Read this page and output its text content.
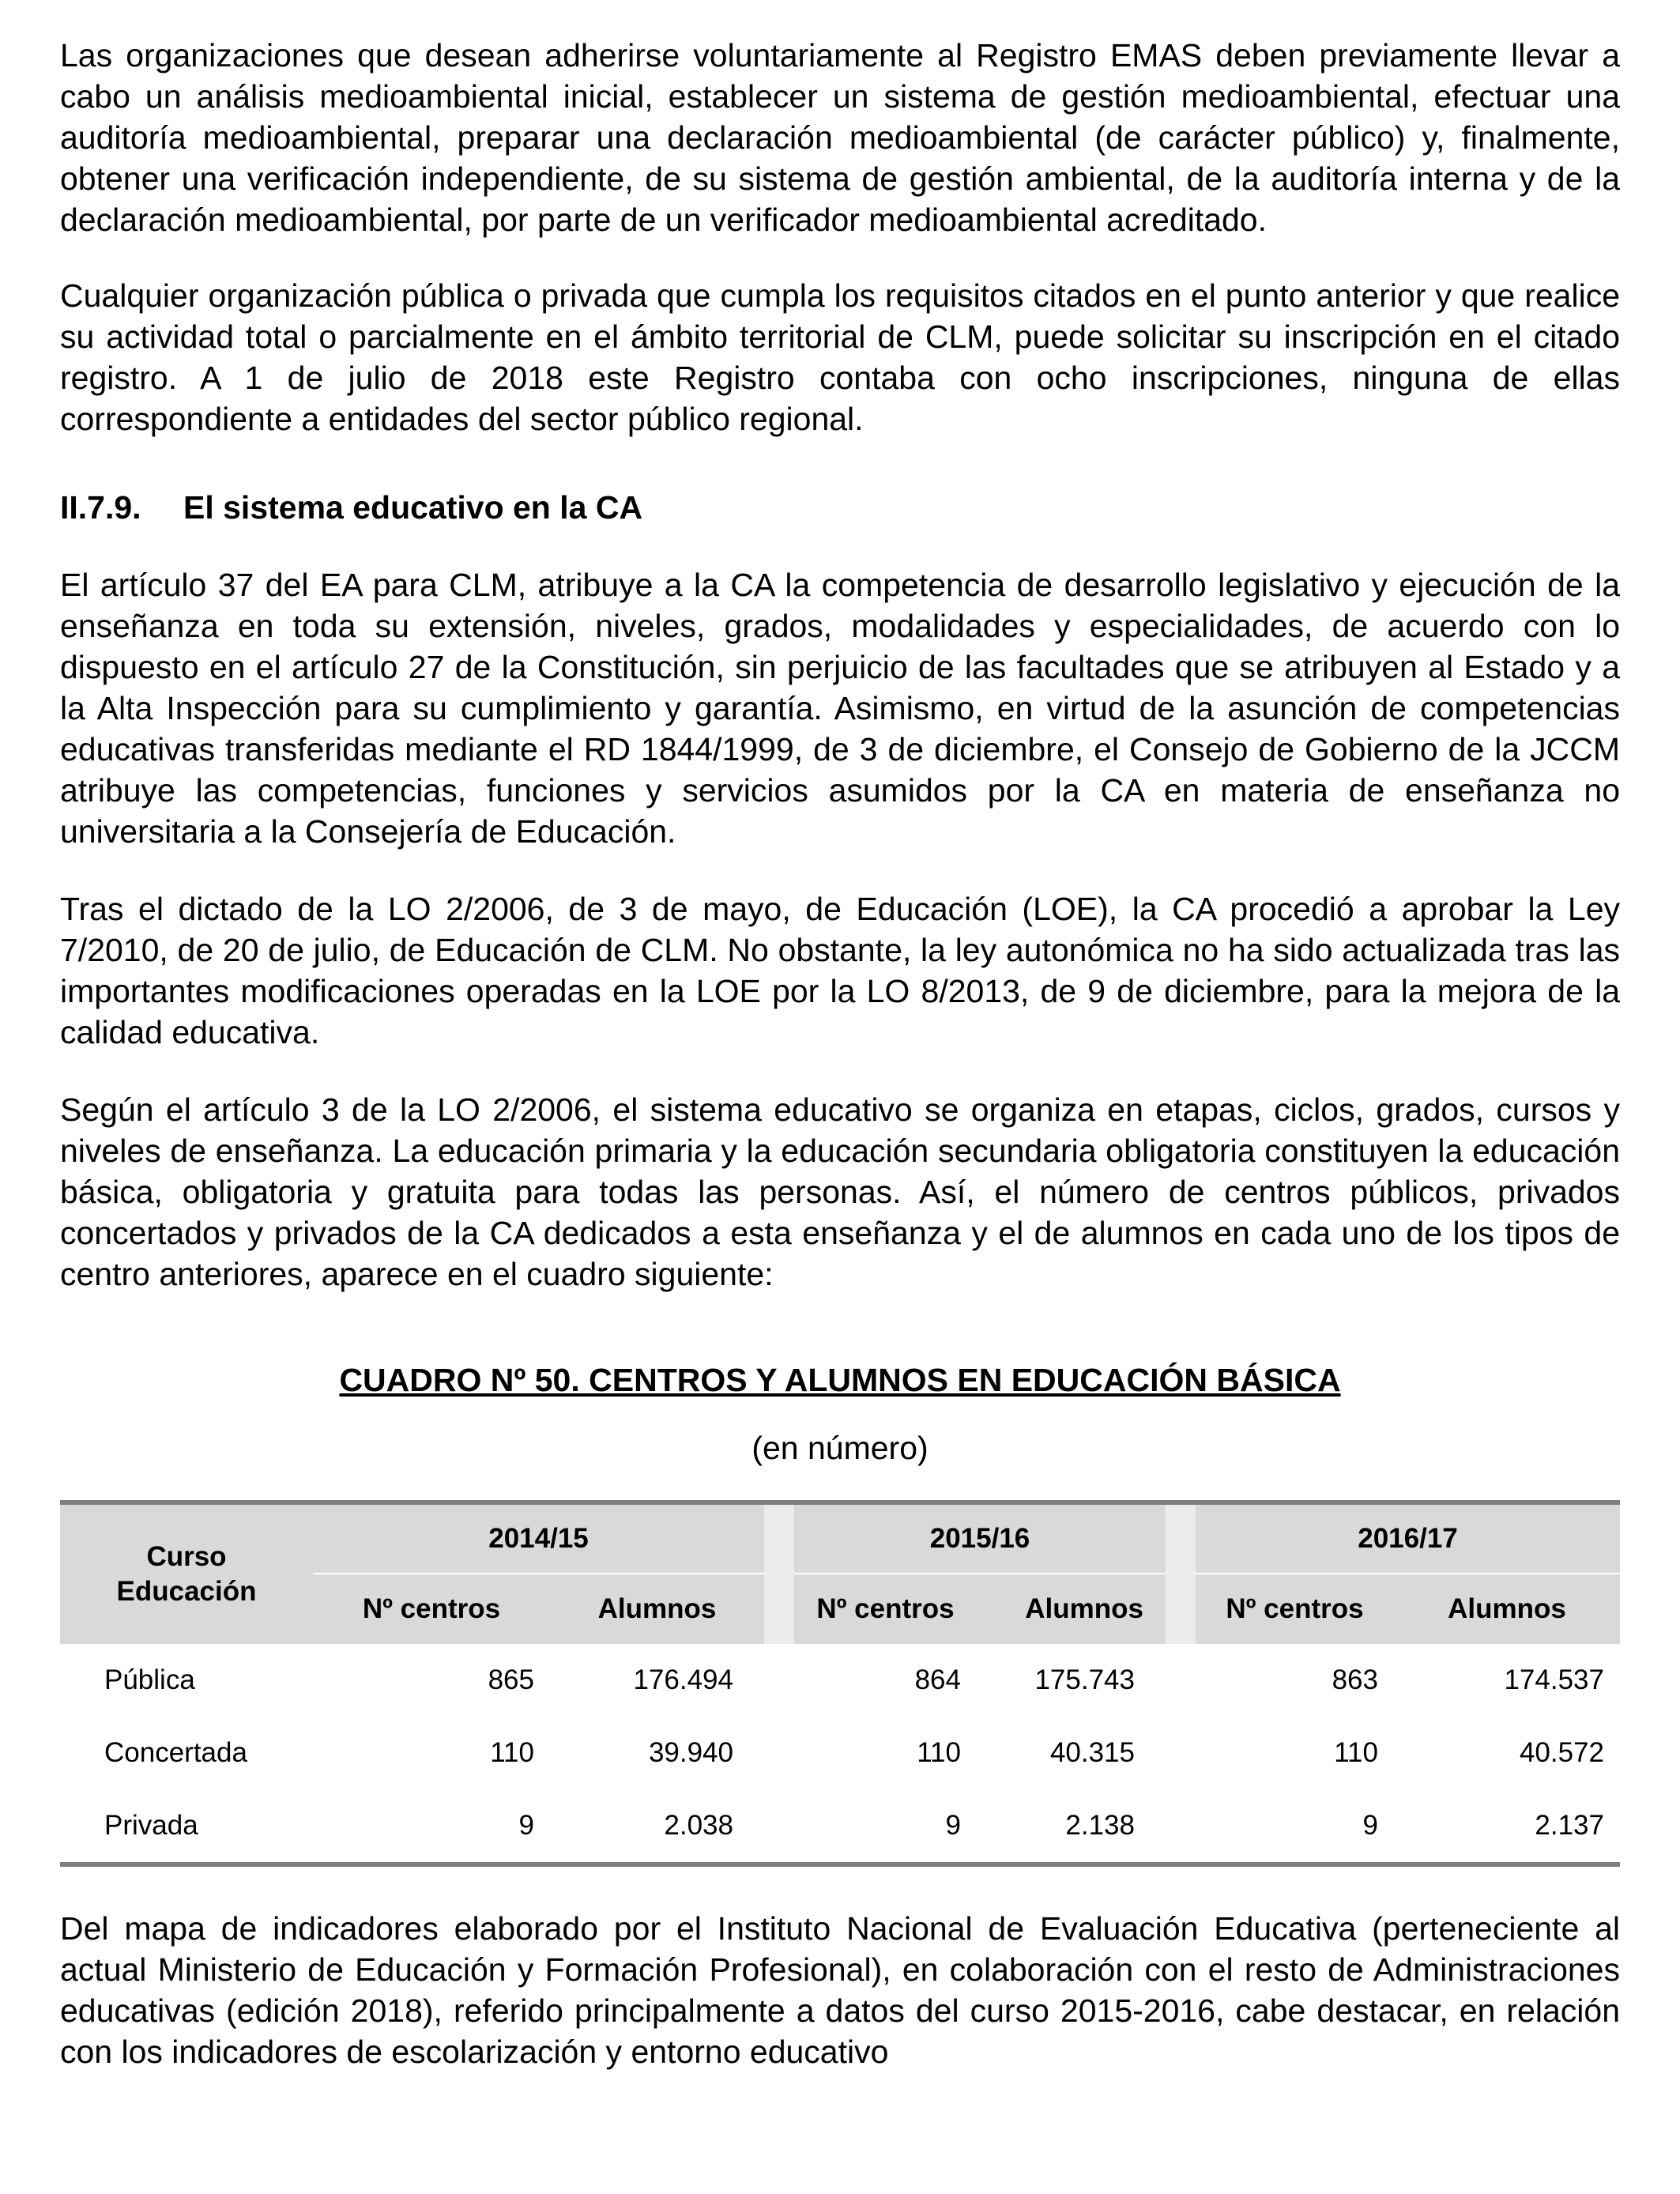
Las organizaciones que desean adherirse voluntariamente al Registro EMAS deben previamente llevar a cabo un análisis medioambiental inicial, establecer un sistema de gestión medioambiental, efectuar una auditoría medioambiental, preparar una declaración medioambiental (de carácter público) y, finalmente, obtener una verificación independiente, de su sistema de gestión ambiental, de la auditoría interna y de la declaración medioambiental, por parte de un verificador medioambiental acreditado.

Cualquier organización pública o privada que cumpla los requisitos citados en el punto anterior y que realice su actividad total o parcialmente en el ámbito territorial de CLM, puede solicitar su inscripción en el citado registro. A 1 de julio de 2018 este Registro contaba con ocho inscripciones, ninguna de ellas correspondiente a entidades del sector público regional.

II.7.9. El sistema educativo en la CA

El artículo 37 del EA para CLM, atribuye a la CA la competencia de desarrollo legislativo y ejecución de la enseñanza en toda su extensión, niveles, grados, modalidades y especialidades, de acuerdo con lo dispuesto en el artículo 27 de la Constitución, sin perjuicio de las facultades que se atribuyen al Estado y a la Alta Inspección para su cumplimiento y garantía. Asimismo, en virtud de la asunción de competencias educativas transferidas mediante el RD 1844/1999, de 3 de diciembre, el Consejo de Gobierno de la JCCM atribuye las competencias, funciones y servicios asumidos por la CA en materia de enseñanza no universitaria a la Consejería de Educación.

Tras el dictado de la LO 2/2006, de 3 de mayo, de Educación (LOE), la CA procedió a aprobar la Ley 7/2010, de 20 de julio, de Educación de CLM. No obstante, la ley autonómica no ha sido actualizada tras las importantes modificaciones operadas en la LOE por la LO 8/2013, de 9 de diciembre, para la mejora de la calidad educativa.

Según el artículo 3 de la LO 2/2006, el sistema educativo se organiza en etapas, ciclos, grados, cursos y niveles de enseñanza. La educación primaria y la educación secundaria obligatoria constituyen la educación básica, obligatoria y gratuita para todas las personas. Así, el número de centros públicos, privados concertados y privados de la CA dedicados a esta enseñanza y el de alumnos en cada uno de los tipos de centro anteriores, aparece en el cuadro siguiente:

CUADRO Nº 50. CENTROS Y ALUMNOS EN EDUCACIÓN BÁSICA
(en número)

Curso Educación	2014/15		2015/16		2016/17	

	Nº centros	Alumnos	Nº centros	Alumnos	Nº centros	Alumnos
Pública	865	176.494	864	175.743	863	174.537
Concertada	110	39.940	110	40.315	110	40.572
Privada	9	2.038	9	2.138	9	2.137

Del mapa de indicadores elaborado por el Instituto Nacional de Evaluación Educativa (perteneciente al actual Ministerio de Educación y Formación Profesional), en colaboración con el resto de Administraciones educativas (edición 2018), referido principalmente a datos del curso 2015-2016, cabe destacar, en relación con los indicadores de escolarización y entorno educativo
